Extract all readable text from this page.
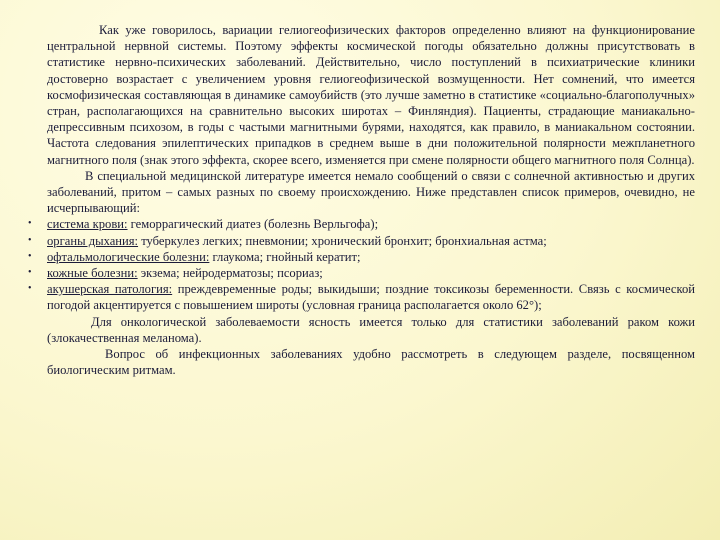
Как уже говорилось, вариации гелиогеофизических факторов определенно влияют на функционирование центральной нервной системы. Поэтому эффекты космической погоды обязательно должны присутствовать в статистике нервно-психических заболеваний. Действительно, число поступлений в психиатрические клиники достоверно возрастает с увеличением уровня гелиогеофизической возмущенности. Нет сомнений, что имеется космофизическая составляющая в динамике самоубийств (это лучше заметно в статистике «социально-благополучных» стран, располагающихся на сравнительно высоких широтах – Финляндия). Пациенты, страдающие маниакально-депрессивным психозом, в годы с частыми магнитными бурями, находятся, как правило, в маниакальном состоянии. Частота следования эпилептических припадков в среднем выше в дни положительной полярности межпланетного магнитного поля (знак этого эффекта, скорее всего, изменяется при смене полярности общего магнитного поля Солнца).

В специальной медицинской литературе имеется немало сообщений о связи с солнечной активностью и других заболеваний, притом – самых разных по своему происхождению. Ниже представлен список примеров, очевидно, не исчерпывающий:

• система крови: геморрагический диатез (болезнь Верльгофа);
• органы дыхания: туберкулез легких; пневмонии; хронический бронхит; бронхиальная астма;
• офтальмологические болезни: глаукома; гнойный кератит;
• кожные болезни: экзема; нейродерматозы; псориаз;
• акушерская патология: преждевременные роды; выкидыши; поздние токсикозы беременности. Связь с космической погодой акцентируется с повышением широты (условная граница располагается около 62°);

Для онкологической заболеваемости ясность имеется только для статистики заболеваний раком кожи (злокачественная меланома).

Вопрос об инфекционных заболеваниях удобно рассмотреть в следующем разделе, посвященном биологическим ритмам.
